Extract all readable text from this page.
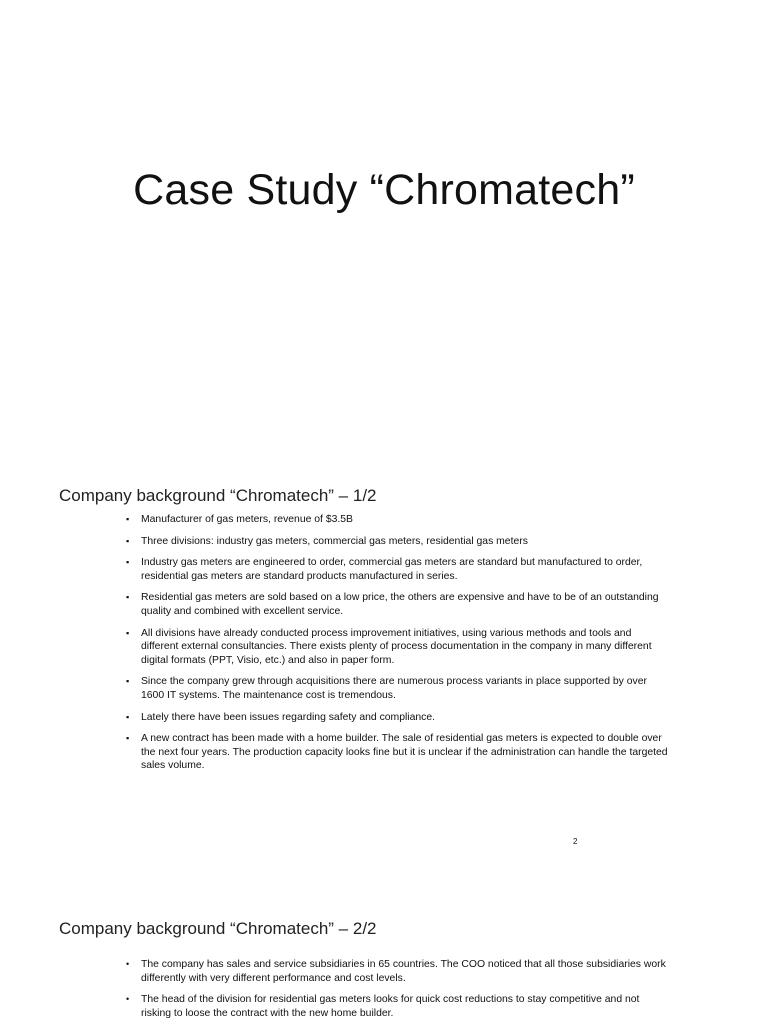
Case Study “Chromatech”
Company background “Chromatech” – 1/2
▪	Manufacturer of gas meters, revenue of $3.5B
▪	Three divisions: industry gas meters, commercial gas meters, residential gas meters
▪	Industry gas meters are engineered to order, commercial gas meters are standard but manufactured to order, residential gas meters are standard products manufactured in series.
▪	Residential gas meters are sold based on a low price, the others are expensive and have to be of an outstanding quality and combined with excellent service.
▪	All divisions have already conducted process improvement initiatives, using various methods and tools and different external consultancies. There exists plenty of process documentation in the company in many different digital formats (PPT, Visio, etc.) and also in paper form.
▪	Since the company grew through acquisitions there are numerous process variants in place supported by over 1600 IT systems. The maintenance cost is tremendous.
▪	Lately there have been issues regarding safety and compliance.
▪	A new contract has been made with a home builder. The sale of residential gas meters is expected to double over the next four years. The production capacity looks fine but it is unclear if the administration can handle the targeted sales volume.
2
Company background “Chromatech” – 2/2
•	The company has sales and service subsidiaries in 65 countries. The COO noticed that all those subsidiaries work differently with very different performance and cost levels.
•	The head of the division for residential gas meters looks for quick cost reductions to stay competitive and not risking to loose the contract with the new home builder.
